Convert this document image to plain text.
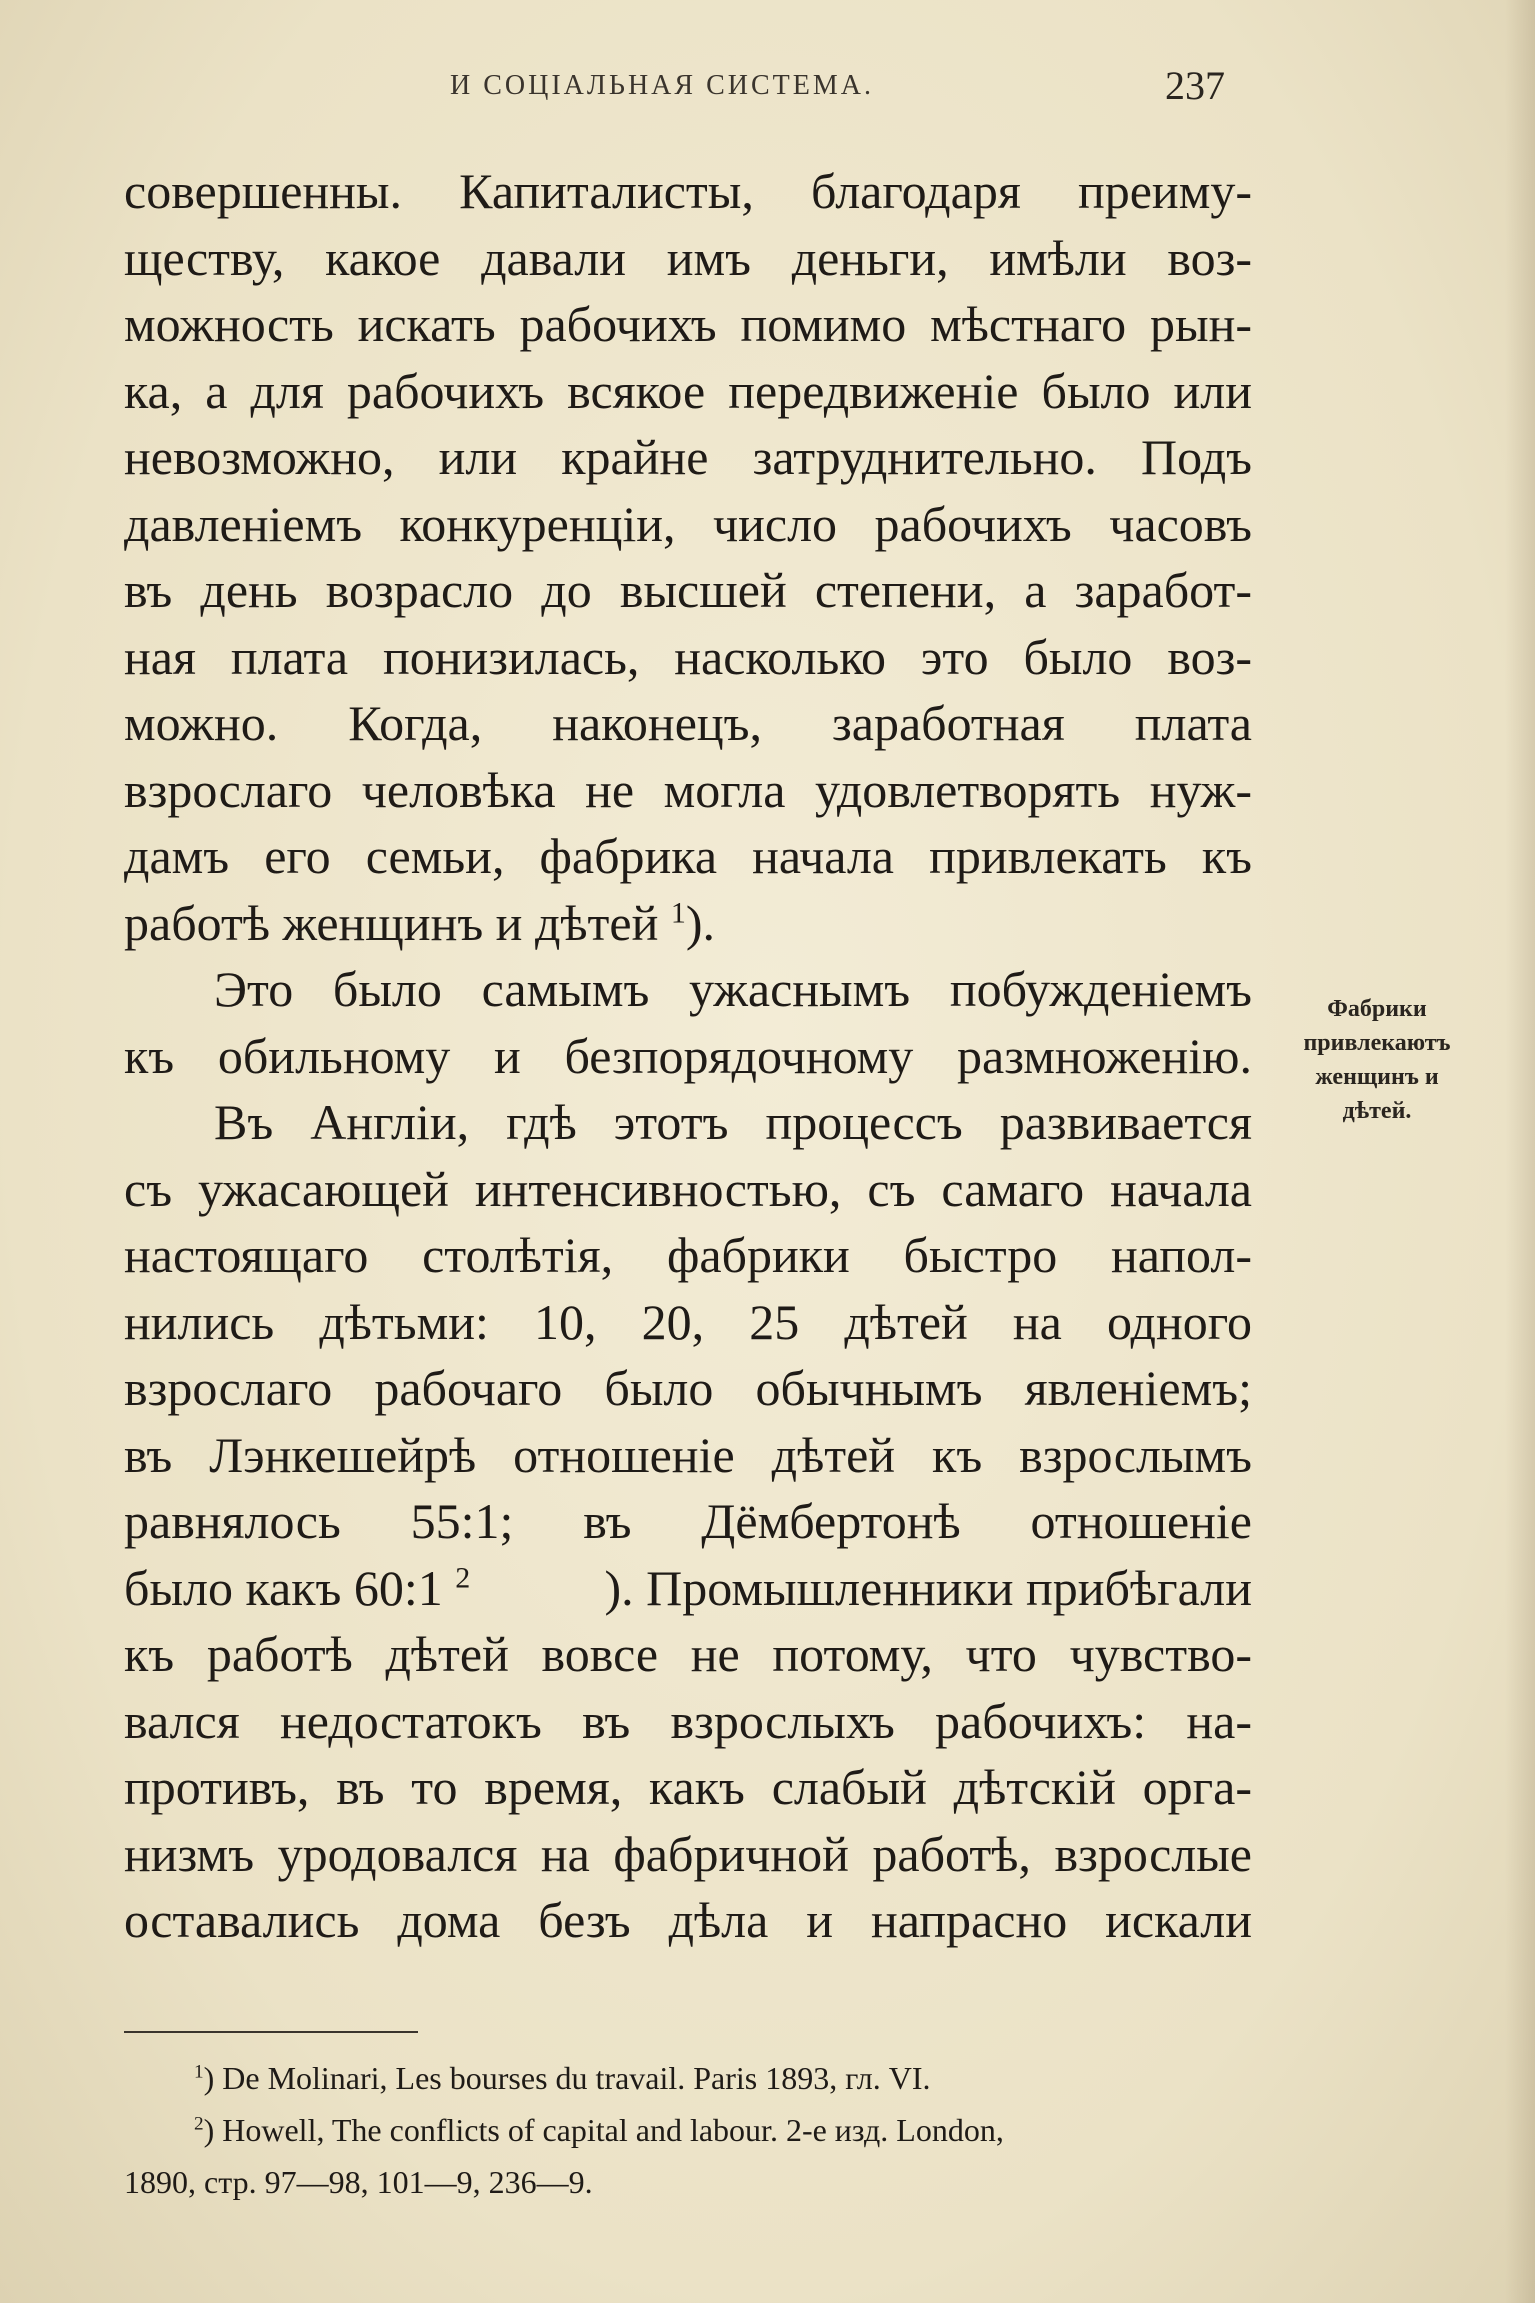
И СОЦІАЛЬНАЯ СИСТЕМА.	237
совершенны. Капиталисты, благодаря преиму-
ществу, какое давали имъ деньги, имѣли воз-
можность искать рабочихъ помимо мѣстнаго рын-
ка, а для рабочихъ всякое передвиженіе было или
невозможно, или крайне затруднительно. Подъ
давленіемъ конкуренціи, число рабочихъ часовъ
въ день возрасло до высшей степени, а заработ-
ная плата понизилась, насколько это было воз-
можно. Когда, наконецъ, заработная плата
взрослаго человѣка не могла удовлетворять нуж-
дамъ его семьи, фабрика начала привлекать къ
работѣ женщинъ и дѣтей $^1$).
Это было самымъ ужаснымъ побужденіемъ
къ обильному и безпорядочному размноженію.
Въ Англіи, гдѣ этотъ процессъ развивается
съ ужасающей интенсивностью, съ самаго начала
настоящаго столѣтія, фабрики быстро напол-
нились дѣтьми: 10, 20, 25 дѣтей на одного
взрослаго рабочаго было обычнымъ явленіемъ;
въ Лэнкешейрѣ отношеніе дѣтей къ взрослымъ
равнялось 55:1; въ Дёмбертонѣ отношеніе
было какъ 60:1 $^2$	). Промышленники прибѣгали
къ работѣ дѣтей вовсе не потому, что чувство-
вался недостатокъ въ взрослыхъ рабочихъ: на-
противъ, въ то время, какъ слабый дѣтскій орга-
низмъ уродовался на фабричной работѣ, взрослые
оставались дома безъ дѣла и напрасно искали
Фабрики
привлекаютъ
женщинъ и
дѣтей.
$^1$) De Molinari, Les bourses du travail. Paris 1893, гл. VI.
$^2$) Howell, The conflicts of capital and labour. 2-е изд. London,
1890, стр. 97—98, 101—9, 236—9.
